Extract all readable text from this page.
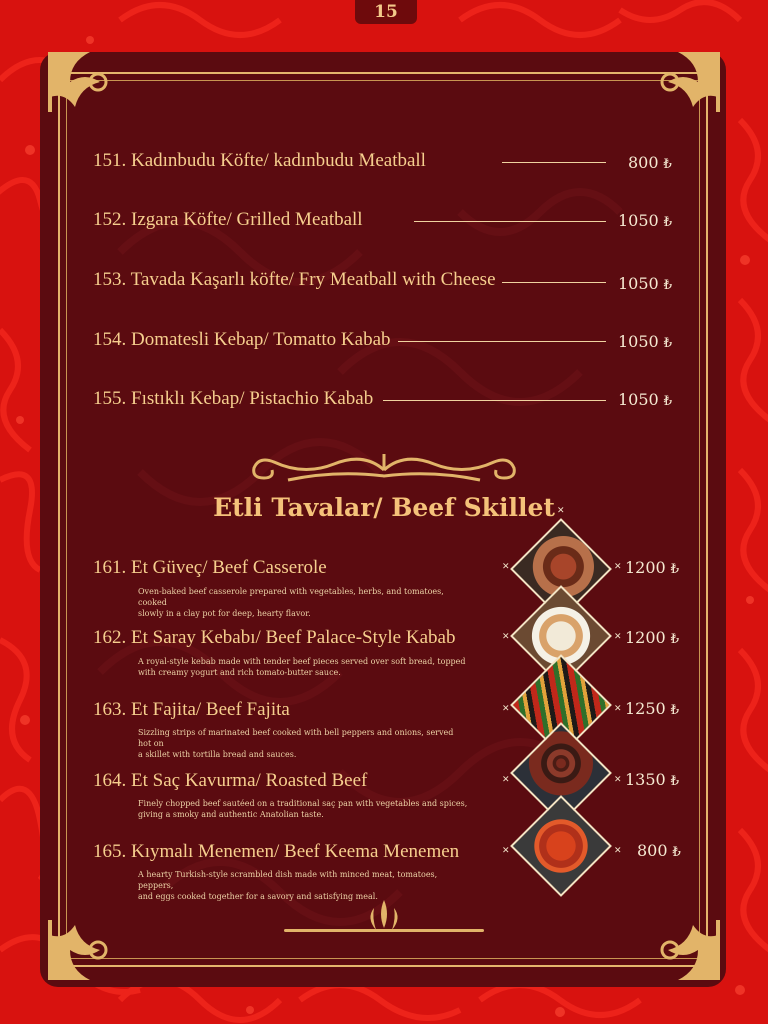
15
151. Kadınbudu Köfte/ kadınbudu Meatball	800 ₺
152. Izgara Köfte/ Grilled Meatball	1050 ₺
153. Tavada Kaşarlı köfte/ Fry Meatball with Cheese	1050 ₺
154. Domatesli Kebap/ Tomatto Kabab	1050 ₺
155. Fıstıklı Kebap/ Pistachio Kabab	1050 ₺
Etli Tavalar/ Beef Skillet
161. Et Güveç/ Beef Casserole
Oven-baked beef casserole prepared with vegetables, herbs, and tomatoes, cooked
slowly in a clay pot for deep, hearty flavor.
1200 ₺
162. Et Saray Kebabı/ Beef Palace-Style Kabab
A royal-style kebab made with tender beef pieces served over soft bread, topped
with creamy yogurt and rich tomato-butter sauce.
1200 ₺
163. Et Fajita/ Beef Fajita
Sizzling strips of marinated beef cooked with bell peppers and onions, served hot on
a skillet with tortilla bread and sauces.
1250 ₺
164. Et Saç Kavurma/ Roasted Beef
Finely chopped beef sautéed on a traditional saç pan with vegetables and spices,
giving a smoky and authentic Anatolian taste.
1350 ₺
165. Kıymalı Menemen/ Beef Keema Menemen
A hearty Turkish-style scrambled dish made with minced meat, tomatoes, peppers,
and eggs cooked together for a savory and satisfying meal.
800 ₺
✕
✕	✕
✕	✕
✕	✕
✕	✕
✕	✕
